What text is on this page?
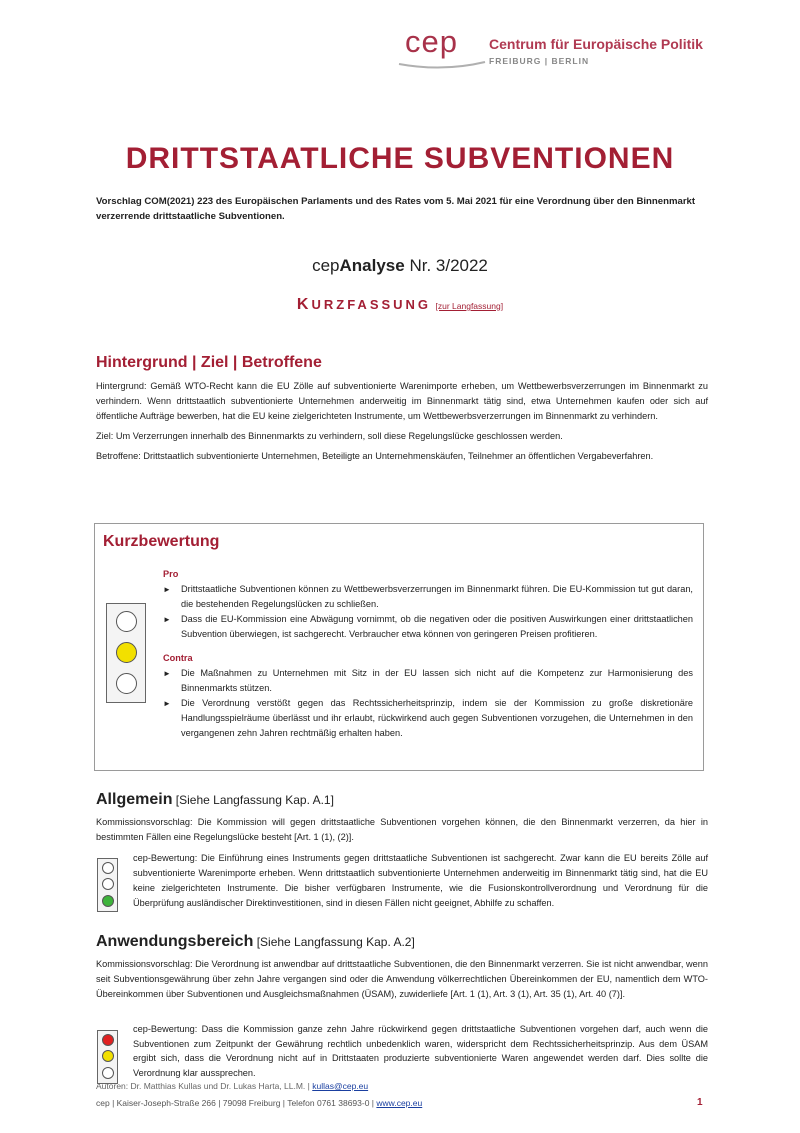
cep Centrum für Europäische Politik
FREIBURG | BERLIN
DRITTSTAATLICHE SUBVENTIONEN
Vorschlag COM(2021) 223 des Europäischen Parlaments und des Rates vom 5. Mai 2021 für eine Verordnung über den Binnenmarkt verzerrende drittstaatliche Subventionen.
cepAnalyse Nr. 3/2022
KURZFASSUNG [zur Langfassung]
Hintergrund | Ziel | Betroffene
Hintergrund: Gemäß WTO-Recht kann die EU Zölle auf subventionierte Warenimporte erheben, um Wettbewerbsverzerrungen im Binnenmarkt zu verhindern. Wenn drittstaatlich subventionierte Unternehmen anderweitig im Binnenmarkt tätig sind, etwa Unternehmen kaufen oder sich auf öffentliche Aufträge bewerben, hat die EU keine zielgerichteten Instrumente, um Wettbewerbsverzerrungen im Binnenmarkt zu verhindern.
Ziel: Um Verzerrungen innerhalb des Binnenmarkts zu verhindern, soll diese Regelungslücke geschlossen werden.
Betroffene: Drittstaatlich subventionierte Unternehmen, Beteiligte an Unternehmenskäufen, Teilnehmer an öffentlichen Vergabeverfahren.
Kurzbewertung
Pro
► Drittstaatliche Subventionen können zu Wettbewerbsverzerrungen im Binnenmarkt führen. Die EU-Kommission tut gut daran, die bestehenden Regelungslücken zu schließen.
► Dass die EU-Kommission eine Abwägung vornimmt, ob die negativen oder die positiven Auswirkungen einer drittstaatlichen Subvention überwiegen, ist sachgerecht. Verbraucher etwa können von geringeren Preisen profitieren.
Contra
► Die Maßnahmen zu Unternehmen mit Sitz in der EU lassen sich nicht auf die Kompetenz zur Harmonisierung des Binnenmarkts stützen.
► Die Verordnung verstößt gegen das Rechtssicherheitsprinzip, indem sie der Kommission zu große diskretionäre Handlungsspielräume überlässt und ihr erlaubt, rückwirkend auch gegen Subventionen vorzugehen, die Unternehmen in den vergangenen zehn Jahren rechtmäßig erhalten haben.
Allgemein [Siehe Langfassung Kap. A.1]
Kommissionsvorschlag: Die Kommission will gegen drittstaatliche Subventionen vorgehen können, die den Binnenmarkt verzerren, da hier in bestimmten Fällen eine Regelungslücke besteht [Art. 1 (1), (2)].
cep-Bewertung: Die Einführung eines Instruments gegen drittstaatliche Subventionen ist sachgerecht. Zwar kann die EU bereits Zölle auf subventionierte Warenimporte erheben. Wenn drittstaatlich subventionierte Unternehmen anderweitig im Binnenmarkt tätig sind, hat die EU keine zielgerichteten Instrumente. Die bisher verfügbaren Instrumente, wie die Fusionskontrollverordnung und Verordnung für die Überprüfung ausländischer Direktinvestitionen, sind in diesen Fällen nicht geeignet, Abhilfe zu schaffen.
Anwendungsbereich [Siehe Langfassung Kap. A.2]
Kommissionsvorschlag: Die Verordnung ist anwendbar auf drittstaatliche Subventionen, die den Binnenmarkt verzerren. Sie ist nicht anwendbar, wenn seit Subventionsgewährung über zehn Jahre vergangen sind oder die Anwendung völkerrechtlichen Übereinkommen der EU, namentlich dem WTO-Übereinkommen über Subventionen und Ausgleichsmaßnahmen (ÜSAM), zuwiderliefe [Art. 1 (1), Art. 3 (1), Art. 35 (1), Art. 40 (7)].
cep-Bewertung: Dass die Kommission ganze zehn Jahre rückwirkend gegen drittstaatliche Subventionen vorgehen darf, auch wenn die Subventionen zum Zeitpunkt der Gewährung rechtlich unbedenklich waren, widerspricht dem Rechtssicherheitsprinzip. Aus dem ÜSAM ergibt sich, dass die Verordnung nicht auf in Drittstaaten produzierte subventionierte Waren angewendet werden darf. Dies sollte die Verordnung klar aussprechen.
Autoren: Dr. Matthias Kullas und Dr. Lukas Harta, LL.M. | kullas@cep.eu
cep | Kaiser-Joseph-Straße 266 | 79098 Freiburg | Telefon 0761 38693-0 | www.cep.eu	1
